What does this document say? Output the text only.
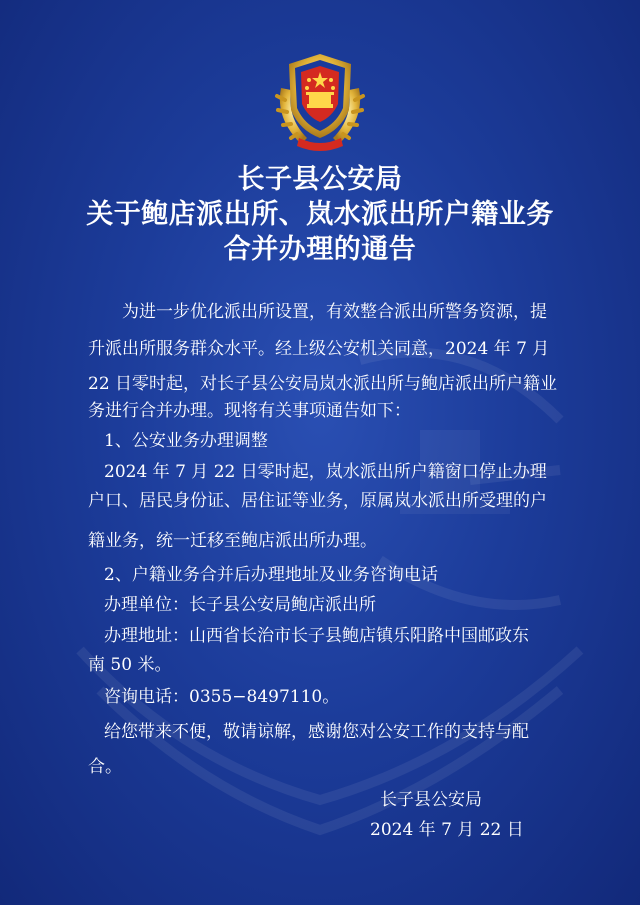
长子县公安局
关于鲍店派出所、岚水派出所户籍业务
合并办理的通告
为进一步优化派出所设置，有效整合派出所警务资源，提
升派出所服务群众水平。经上级公安机关同意，2024 年 7 月
22 日零时起，对长子县公安局岚水派出所与鲍店派出所户籍业
务进行合并办理。现将有关事项通告如下：
1、公安业务办理调整
2024 年 7 月 22 日零时起，岚水派出所户籍窗口停止办理
户口、居民身份证、居住证等业务，原属岚水派出所受理的户
籍业务，统一迁移至鲍店派出所办理。
2、户籍业务合并后办理地址及业务咨询电话
办理单位：长子县公安局鲍店派出所
办理地址：山西省长治市长子县鲍店镇乐阳路中国邮政东
南 50 米。
咨询电话：0355−8497110。
给您带来不便，敬请谅解，感谢您对公安工作的支持与配
合。
长子县公安局
2024 年 7 月 22 日
